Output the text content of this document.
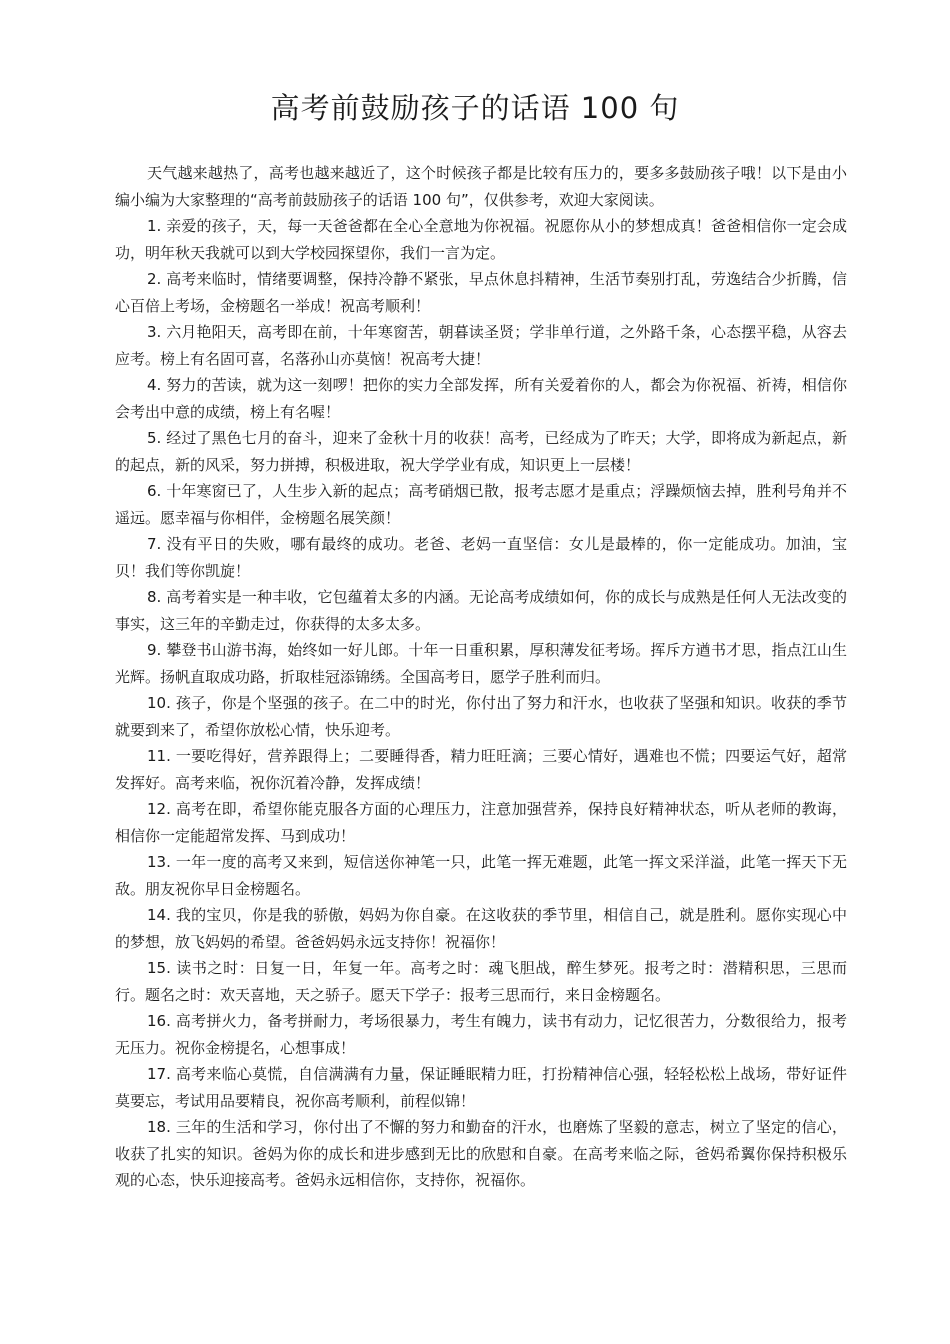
高考前鼓励孩子的话语 100 句

天气越来越热了，高考也越来越近了，这个时候孩子都是比较有压力的，要多多鼓励孩子哦！以下是由小编小编为大家整理的“高考前鼓励孩子的话语 100 句”，仅供参考，欢迎大家阅读。

1. 亲爱的孩子，天，每一天爸爸都在全心全意地为你祝福。祝愿你从小的梦想成真！爸爸相信你一定会成功，明年秋天我就可以到大学校园探望你，我们一言为定。

2. 高考来临时，情绪要调整，保持冷静不紧张，早点休息抖精神，生活节奏别打乱，劳逸结合少折腾，信心百倍上考场，金榜题名一举成！祝高考顺利！

3. 六月艳阳天，高考即在前，十年寒窗苦，朝暮读圣贤；学非单行道，之外路千条，心态摆平稳，从容去应考。榜上有名固可喜，名落孙山亦莫恼！祝高考大捷！

4. 努力的苦读，就为这一刻啰！把你的实力全部发挥，所有关爱着你的人，都会为你祝福、祈祷，相信你会考出中意的成绩，榜上有名喔！

5. 经过了黑色七月的奋斗，迎来了金秋十月的收获！高考，已经成为了昨天；大学，即将成为新起点，新的起点，新的风采，努力拼搏，积极进取，祝大学学业有成，知识更上一层楼！

6. 十年寒窗已了，人生步入新的起点；高考硝烟已散，报考志愿才是重点；浮躁烦恼去掉，胜利号角并不遥远。愿幸福与你相伴，金榜题名展笑颜！

7. 没有平日的失败，哪有最终的成功。老爸、老妈一直坚信：女儿是最棒的，你一定能成功。加油，宝贝！我们等你凯旋！

8. 高考着实是一种丰收，它包蕴着太多的内涵。无论高考成绩如何，你的成长与成熟是任何人无法改变的事实，这三年的辛勤走过，你获得的太多太多。

9. 攀登书山游书海，始终如一好儿郎。十年一日重积累，厚积薄发征考场。挥斥方遒书才思，指点江山生光辉。扬帆直取成功路，折取桂冠添锦绣。全国高考日，愿学子胜利而归。

10. 孩子，你是个坚强的孩子。在二中的时光，你付出了努力和汗水，也收获了坚强和知识。收获的季节就要到来了，希望你放松心情，快乐迎考。

11. 一要吃得好，营养跟得上；二要睡得香，精力旺旺滴；三要心情好，遇难也不慌；四要运气好，超常发挥好。高考来临，祝你沉着冷静，发挥成绩！

12. 高考在即，希望你能克服各方面的心理压力，注意加强营养，保持良好精神状态，听从老师的教诲，相信你一定能超常发挥、马到成功！

13. 一年一度的高考又来到，短信送你神笔一只，此笔一挥无难题，此笔一挥文采洋溢，此笔一挥天下无敌。朋友祝你早日金榜题名。

14. 我的宝贝，你是我的骄傲，妈妈为你自豪。在这收获的季节里，相信自己，就是胜利。愿你实现心中的梦想，放飞妈妈的希望。爸爸妈妈永远支持你！祝福你！

15. 读书之时：日复一日，年复一年。高考之时：魂飞胆战，醉生梦死。报考之时：潜精积思，三思而行。题名之时：欢天喜地，天之骄子。愿天下学子：报考三思而行，来日金榜题名。

16. 高考拼火力，备考拼耐力，考场很暴力，考生有魄力，读书有动力，记忆很苦力，分数很给力，报考无压力。祝你金榜提名，心想事成！

17. 高考来临心莫慌，自信满满有力量，保证睡眠精力旺，打扮精神信心强，轻轻松松上战场，带好证件莫要忘，考试用品要精良，祝你高考顺利，前程似锦！

18. 三年的生活和学习，你付出了不懈的努力和勤奋的汗水，也磨炼了坚毅的意志，树立了坚定的信心，收获了扎实的知识。爸妈为你的成长和进步感到无比的欣慰和自豪。在高考来临之际，爸妈希翼你保持积极乐观的心态，快乐迎接高考。爸妈永远相信你，支持你，祝福你。
